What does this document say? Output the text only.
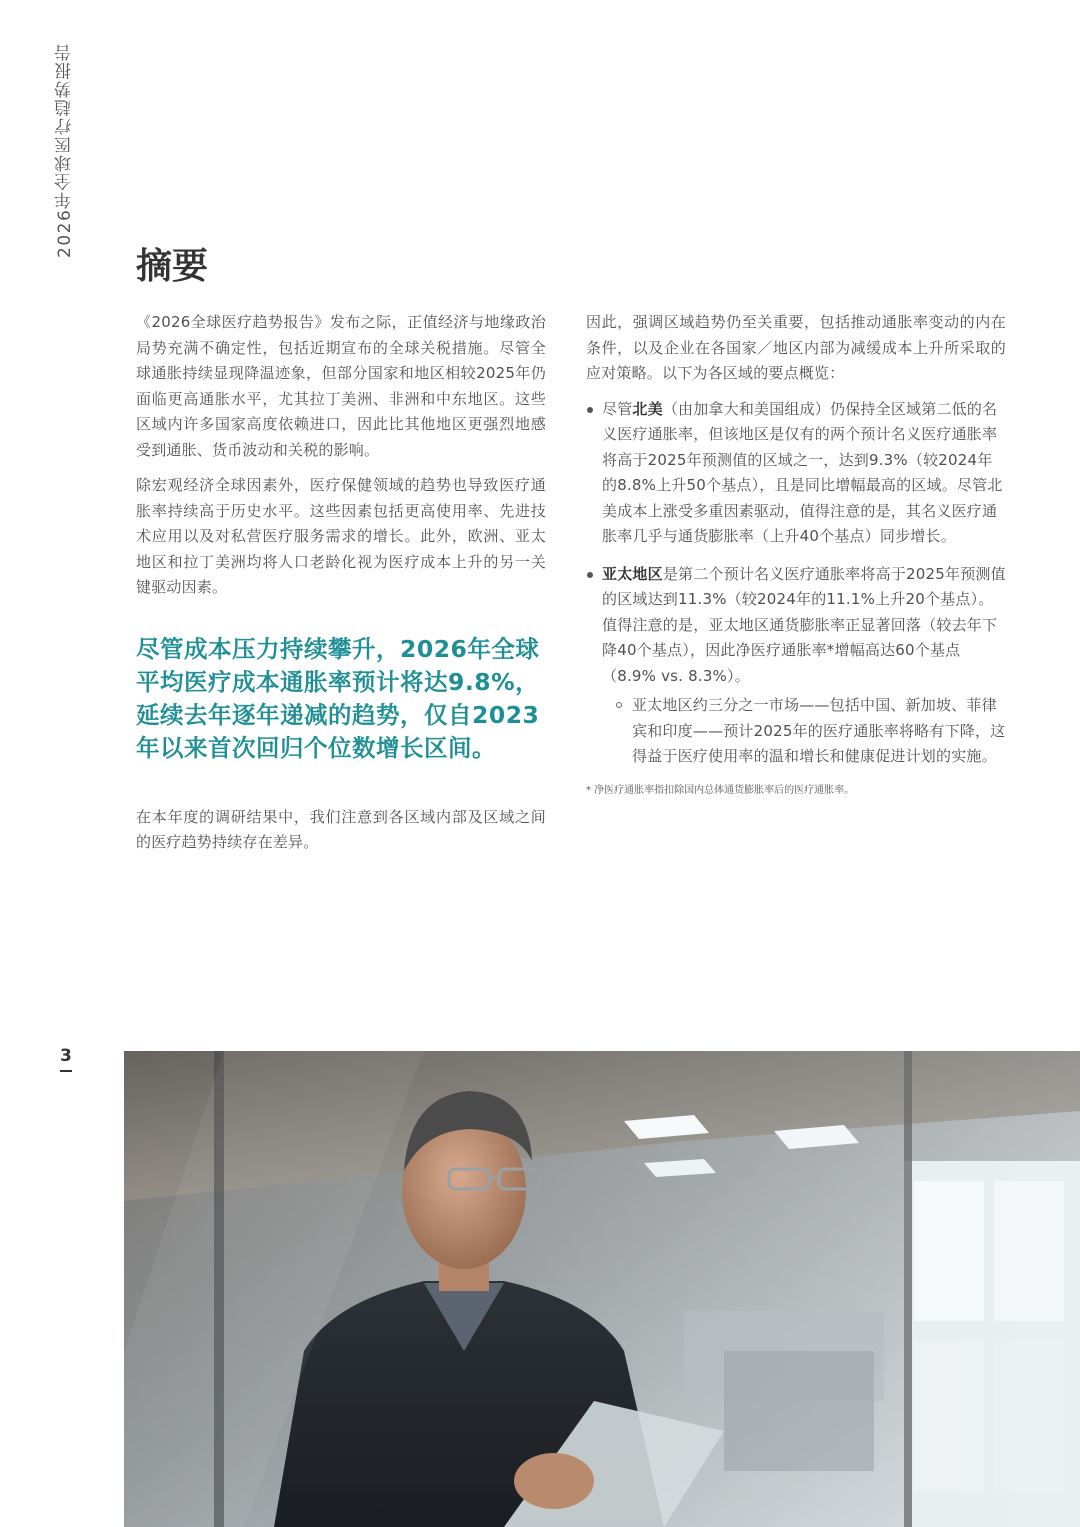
2026年全球医疗趋势报告
3
摘要

《2026全球医疗趋势报告》发布之际，正值经济与地缘政治局势充满不确定性，包括近期宣布的全球关税措施。尽管全球通胀持续显现降温迹象，但部分国家和地区相较2025年仍面临更高通胀水平，尤其拉丁美洲、非洲和中东地区。这些区域内许多国家高度依赖进口，因此比其他地区更强烈地感受到通胀、货币波动和关税的影响。

除宏观经济全球因素外，医疗保健领域的趋势也导致医疗通胀率持续高于历史水平。这些因素包括更高使用率、先进技术应用以及对私营医疗服务需求的增长。此外，欧洲、亚太地区和拉丁美洲均将人口老龄化视为医疗成本上升的另一关键驱动因素。

尽管成本压力持续攀升，2026年全球平均医疗成本通胀率预计将达9.8%，延续去年逐年递减的趋势，仅自2023年以来首次回归个位数增长区间。

在本年度的调研结果中，我们注意到各区域内部及区域之间的医疗趋势持续存在差异。

因此，强调区域趋势仍至关重要，包括推动通胀率变动的内在条件，以及企业在各国家／地区内部为减缓成本上升所采取的应对策略。以下为各区域的要点概览：

尽管北美（由加拿大和美国组成）仍保持全区域第二低的名义医疗通胀率，但该地区是仅有的两个预计名义医疗通胀率将高于2025年预测值的区域之一，达到9.3%（较2024年的8.8%上升50个基点），且是同比增幅最高的区域。尽管北美成本上涨受多重因素驱动，值得注意的是，其名义医疗通胀率几乎与通货膨胀率（上升40个基点）同步增长。
亚太地区是第二个预计名义医疗通胀率将高于2025年预测值的区域达到11.3%（较2024年的11.1%上升20个基点）。值得注意的是，亚太地区通货膨胀率正显著回落（较去年下降40个基点），因此净医疗通胀率*增幅高达60个基点（8.9% vs. 8.3%）。
亚太地区约三分之一市场——包括中国、新加坡、菲律宾和印度——预计2025年的医疗通胀率将略有下降，这得益于医疗使用率的温和增长和健康促进计划的实施。
* 净医疗通胀率指扣除国内总体通货膨胀率后的医疗通胀率。
